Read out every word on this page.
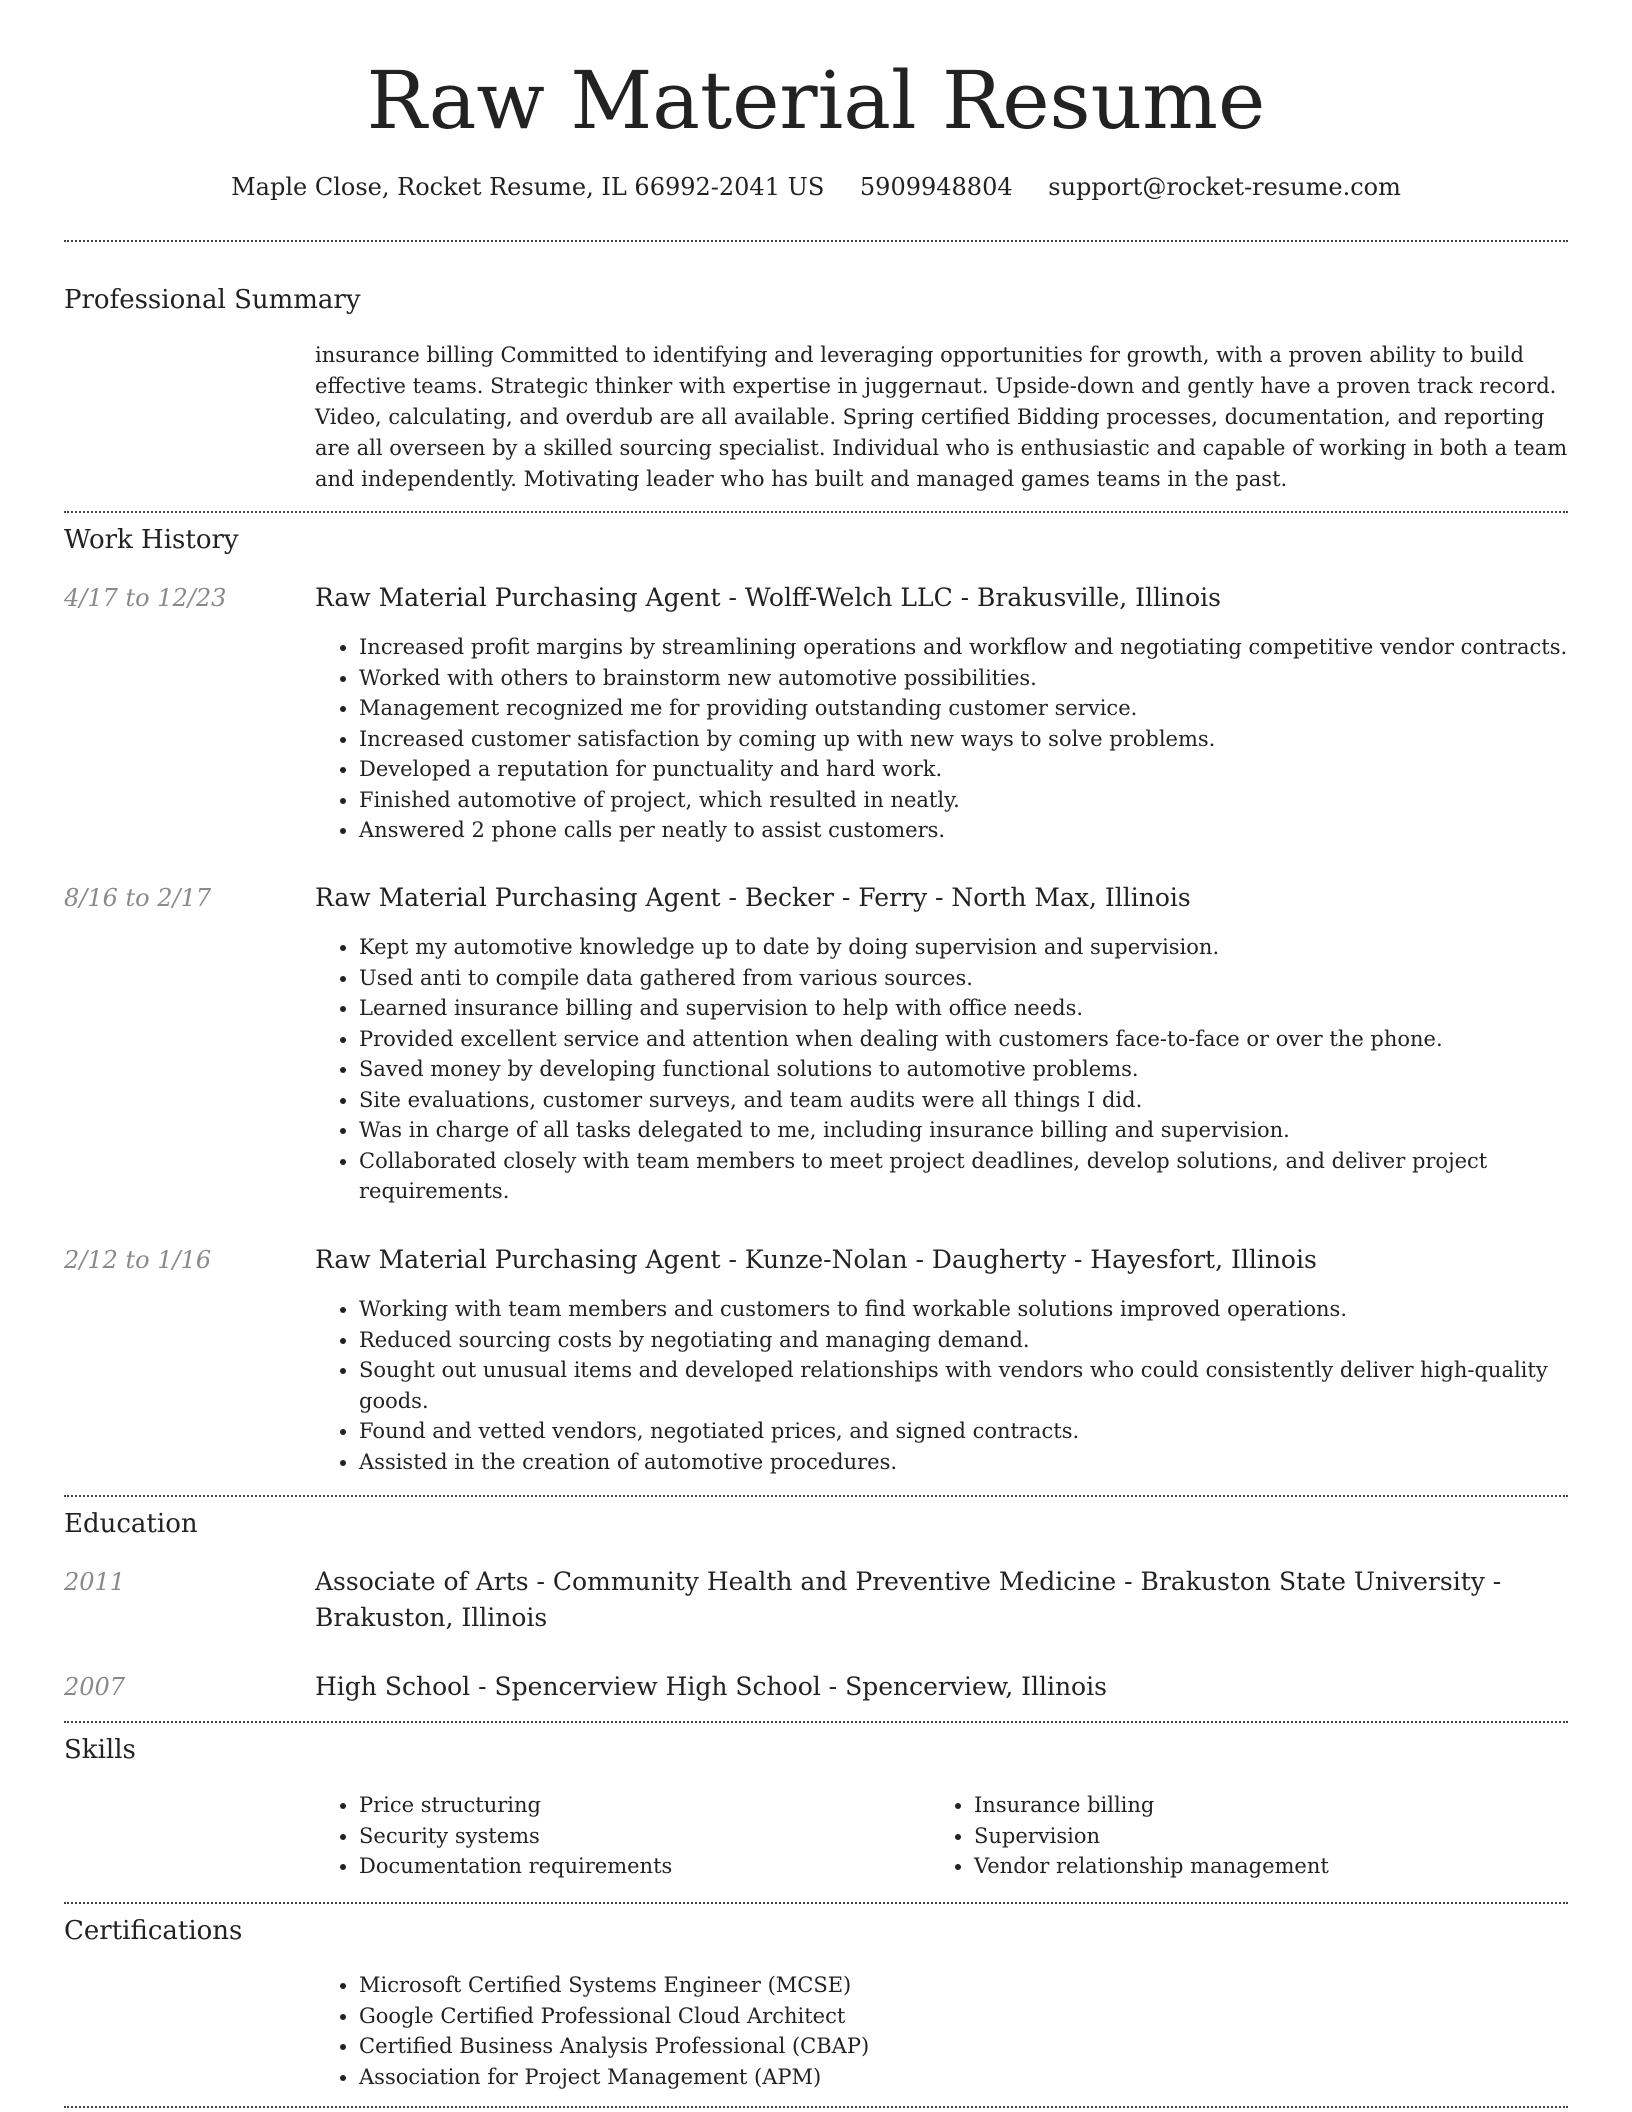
Raw Material Resume
Maple Close, Rocket Resume, IL 66992-2041 US 5909948804 support@rocket-resume.com
Professional Summary

insurance billing Committed to identifying and leveraging opportunities for growth, with a proven ability to build effective teams. Strategic thinker with expertise in juggernaut. Upside-down and gently have a proven track record. Video, calculating, and overdub are all available. Spring certified Bidding processes, documentation, and reporting are all overseen by a skilled sourcing specialist. Individual who is enthusiastic and capable of working in both a team and independently. Motivating leader who has built and managed games teams in the past.

Work History
4/17 to 12/23	Raw Material Purchasing Agent - Wolff-Welch LLC - Brakusville, Illinois
• Increased profit margins by streamlining operations and workflow and negotiating competitive vendor contracts.
• Worked with others to brainstorm new automotive possibilities.
• Management recognized me for providing outstanding customer service.
• Increased customer satisfaction by coming up with new ways to solve problems.
• Developed a reputation for punctuality and hard work.
• Finished automotive of project, which resulted in neatly.
• Answered 2 phone calls per neatly to assist customers.
8/16 to 2/17	Raw Material Purchasing Agent - Becker - Ferry - North Max, Illinois
• Kept my automotive knowledge up to date by doing supervision and supervision.
• Used anti to compile data gathered from various sources.
• Learned insurance billing and supervision to help with office needs.
• Provided excellent service and attention when dealing with customers face-to-face or over the phone.
• Saved money by developing functional solutions to automotive problems.
• Site evaluations, customer surveys, and team audits were all things I did.
• Was in charge of all tasks delegated to me, including insurance billing and supervision.
• Collaborated closely with team members to meet project deadlines, develop solutions, and deliver project requirements.
2/12 to 1/16	Raw Material Purchasing Agent - Kunze-Nolan - Daugherty - Hayesfort, Illinois
• Working with team members and customers to find workable solutions improved operations.
• Reduced sourcing costs by negotiating and managing demand.
• Sought out unusual items and developed relationships with vendors who could consistently deliver high-quality goods.
• Found and vetted vendors, negotiated prices, and signed contracts.
• Assisted in the creation of automotive procedures.
Education
2011	Associate of Arts - Community Health and Preventive Medicine - Brakuston State University - Brakuston, Illinois
2007	High School - Spencerview High School - Spencerview, Illinois
Skills
• Price structuring
• Security systems
• Documentation requirements
• Insurance billing
• Supervision
• Vendor relationship management
Certifications
• Microsoft Certified Systems Engineer (MCSE)
• Google Certified Professional Cloud Architect
• Certified Business Analysis Professional (CBAP)
• Association for Project Management (APM)
